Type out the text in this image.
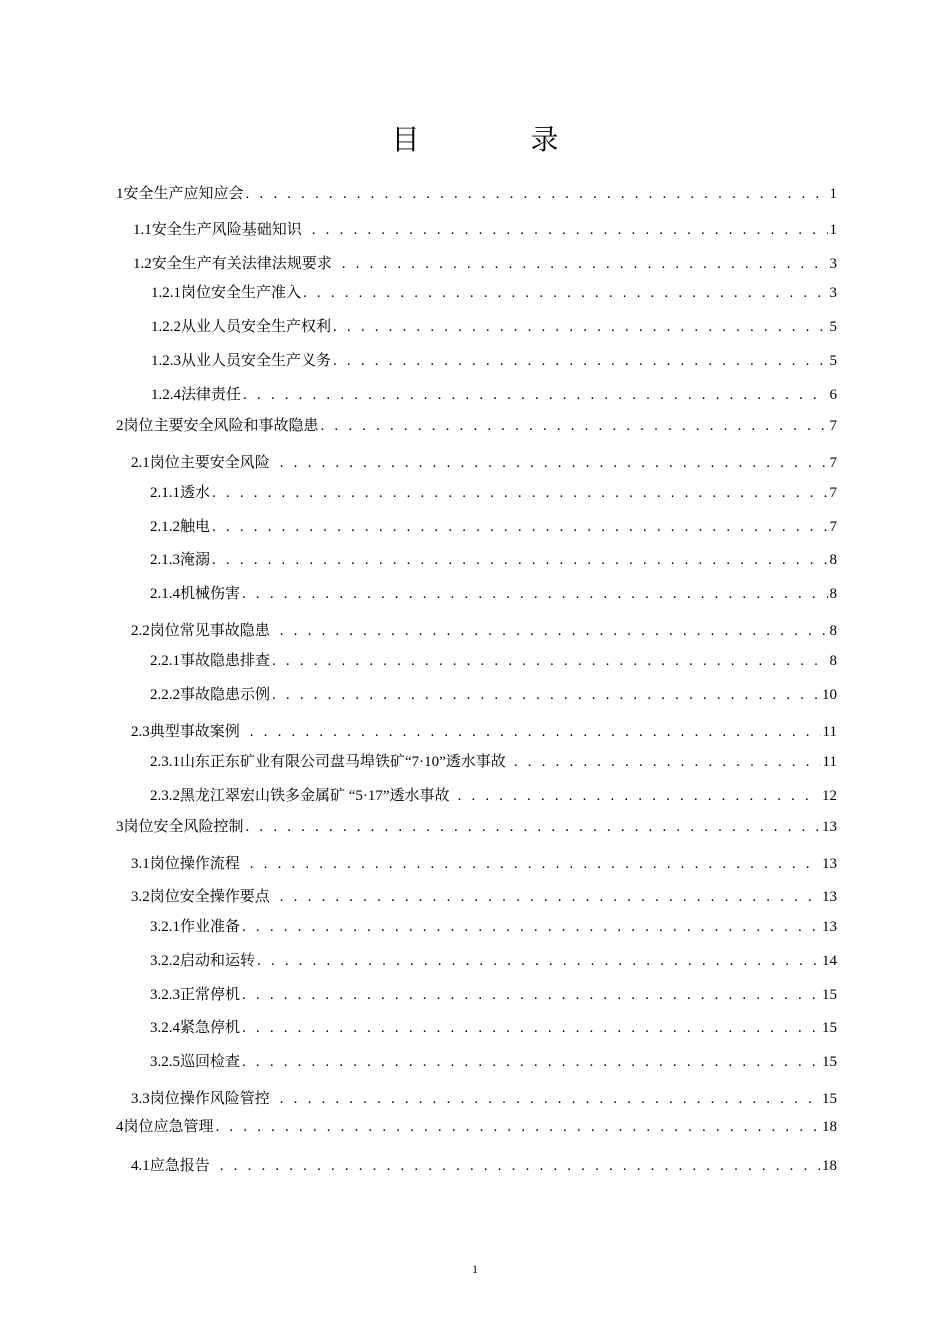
目 录
1 安全生产应知应会 . . .	1
1.1 安全生产风险基础知识 . . .	1
1.2 安全生产有关法律法规要求 . . .	3
1.2.1 岗位安全生产准入 . . .	3
1.2.2 从业人员安全生产权利 . . .	5
1.2.3 从业人员安全生产义务 . . .	5
1.2.4 法律责任 . . .	6
2 岗位主要安全风险和事故隐患 . . .	7
2.1 岗位主要安全风险 . . .	7
2.1.1 透水 . . .	7
2.1.2 触电 . . .	7
2.1.3 淹溺 . . .	8
2.1.4 机械伤害 . . .	8
2.2 岗位常见事故隐患 . . .	8
2.2.1 事故隐患排查 . . .	8
2.2.2 事故隐患示例 . . .	10
2.3 典型事故案例 . . .	11
2.3.1 山东正东矿业有限公司盘马埠铁矿“7·10”透水事故 . . .	11
2.3.2 黑龙江翠宏山铁多金属矿 “5·17”透水事故 . . .	12
3 岗位安全风险控制 . . .	13
3.1 岗位操作流程 . . .	13
3.2 岗位安全操作要点 . . .	13
3.2.1 作业准备 . . .	13
3.2.2 启动和运转 . . .	14
3.2.3 正常停机 . . .	15
3.2.4 紧急停机 . . .	15
3.2.5 巡回检查 . . .	15
3.3 岗位操作风险管控 . . .	15
4 岗位应急管理 . . .	18
4.1 应急报告 . . .	18
1
